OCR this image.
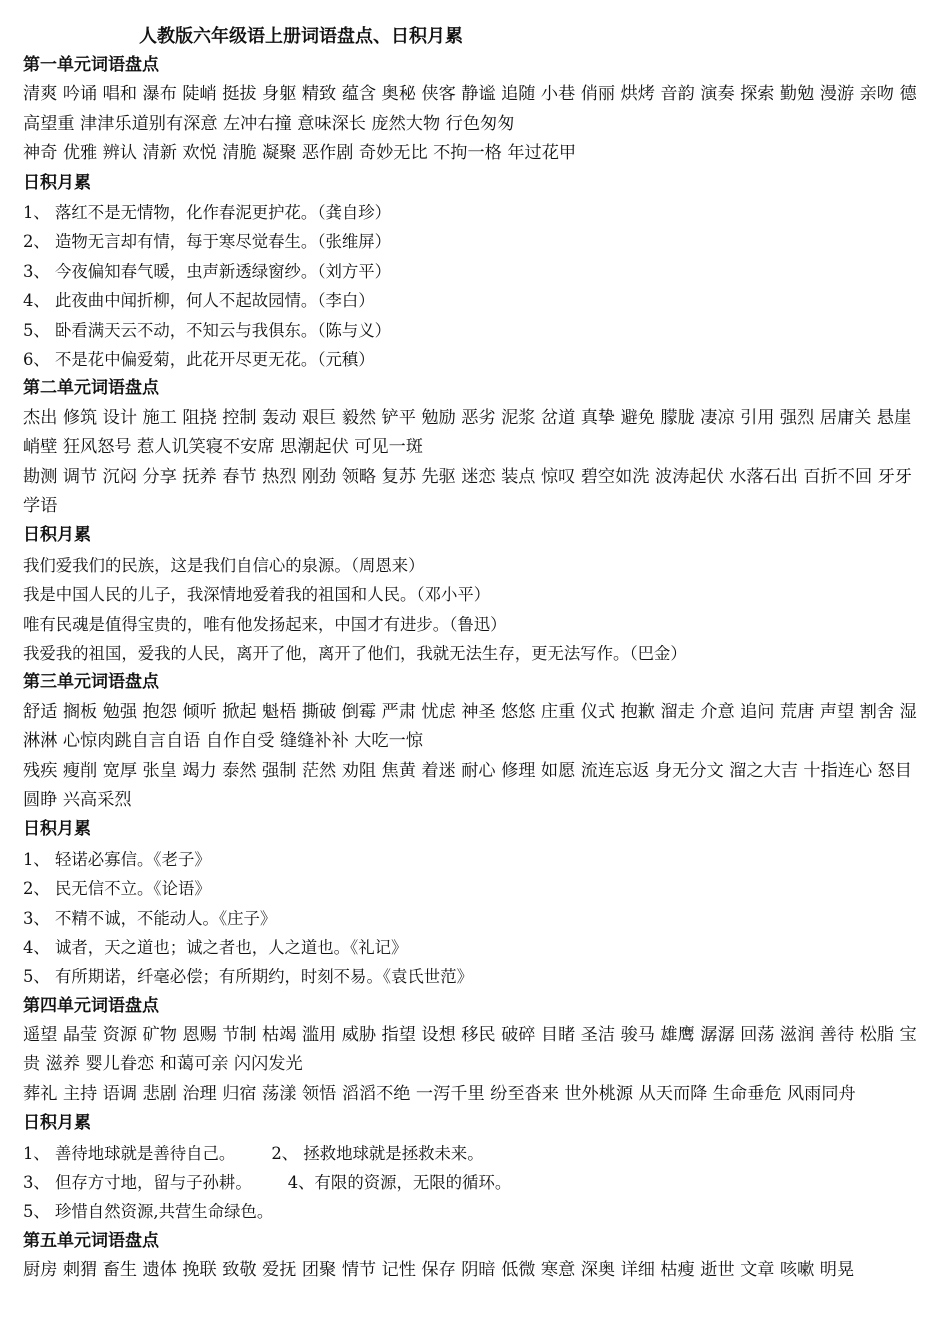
人教版六年级语上册词语盘点、日积月累
第一单元词语盘点

清爽 吟诵 唱和 瀑布 陡峭 挺拔 身躯 精致 蕴含 奥秘 侠客 静谧 追随 小巷 俏丽 烘烤 音韵 演奏 探索 勤勉 漫游 亲吻 德高望重 津津乐道别有深意 左冲右撞 意味深长 庞然大物 行色匆匆

神奇 优雅 辨认 清新 欢悦 清脆 凝聚 恶作剧 奇妙无比 不拘一格 年过花甲

日积月累
1、 落红不是无情物，化作春泥更护花。（龚自珍）
2、 造物无言却有情，每于寒尽觉春生。（张维屏）
3、 今夜偏知春气暖，虫声新透绿窗纱。（刘方平）
4、 此夜曲中闻折柳，何人不起故园情。（李白）
5、 卧看满天云不动，不知云与我俱东。（陈与义）
6、 不是花中偏爱菊，此花开尽更无花。（元稹）
第二单元词语盘点

杰出 修筑 设计 施工 阻挠 控制 轰动 艰巨 毅然 铲平 勉励 恶劣 泥浆 岔道 真挚 避免 朦胧 凄凉 引用 强烈 居庸关 悬崖峭壁 狂风怒号 惹人讥笑寝不安席 思潮起伏 可见一斑

勘测 调节 沉闷 分享 抚养 春节 热烈 刚劲 领略 复苏 先驱 迷恋 装点 惊叹 碧空如洗 波涛起伏 水落石出 百折不回 牙牙学语

日积月累
我们爱我们的民族，这是我们自信心的泉源。（周恩来）
我是中国人民的儿子，我深情地爱着我的祖国和人民。（邓小平）
唯有民魂是值得宝贵的，唯有他发扬起来，中国才有进步。（鲁迅）
我爱我的祖国，爱我的人民，离开了他，离开了他们，我就无法生存，更无法写作。（巴金）
第三单元词语盘点

舒适 搁板 勉强 抱怨 倾听 掀起 魁梧 撕破 倒霉 严肃 忧虑 神圣 悠悠 庄重 仪式 抱歉 溜走 介意 追问 荒唐 声望 割舍 湿淋淋 心惊肉跳自言自语 自作自受 缝缝补补 大吃一惊

残疾 瘦削 宽厚 张皇 竭力 泰然 强制 茫然 劝阻 焦黄 着迷 耐心 修理 如愿 流连忘返 身无分文 溜之大吉 十指连心 怒目圆睁 兴高采烈

日积月累
1、 轻诺必寡信。《老子》
2、 民无信不立。《论语》
3、 不精不诚，不能动人。《庄子》
4、 诚者，天之道也；诚之者也，人之道也。《礼记》
5、 有所期诺，纤毫必偿；有所期约，时刻不易。《袁氏世范》
第四单元词语盘点

遥望 晶莹 资源 矿物 恩赐 节制 枯竭 滥用 威胁 指望 设想 移民 破碎 目睹 圣洁 骏马 雄鹰 潺潺 回荡 滋润 善待 松脂 宝贵 滋养 婴儿眷恋 和蔼可亲 闪闪发光

葬礼 主持 语调 悲剧 治理 归宿 荡漾 领悟 滔滔不绝 一泻千里 纷至沓来 世外桃源 从天而降 生命垂危 风雨同舟

日积月累
1、 善待地球就是善待自己。 2、 拯救地球就是拯救未来。
3、 但存方寸地，留与子孙耕。 4、有限的资源，无限的循环。
5、 珍惜自然资源,共营生命绿色。
第五单元词语盘点

厨房 刺猬 畜生 遗体 挽联 致敬 爱抚 团聚 情节 记性 保存 阴暗 低微 寒意 深奥 详细 枯瘦 逝世 文章 咳嗽 明晃
